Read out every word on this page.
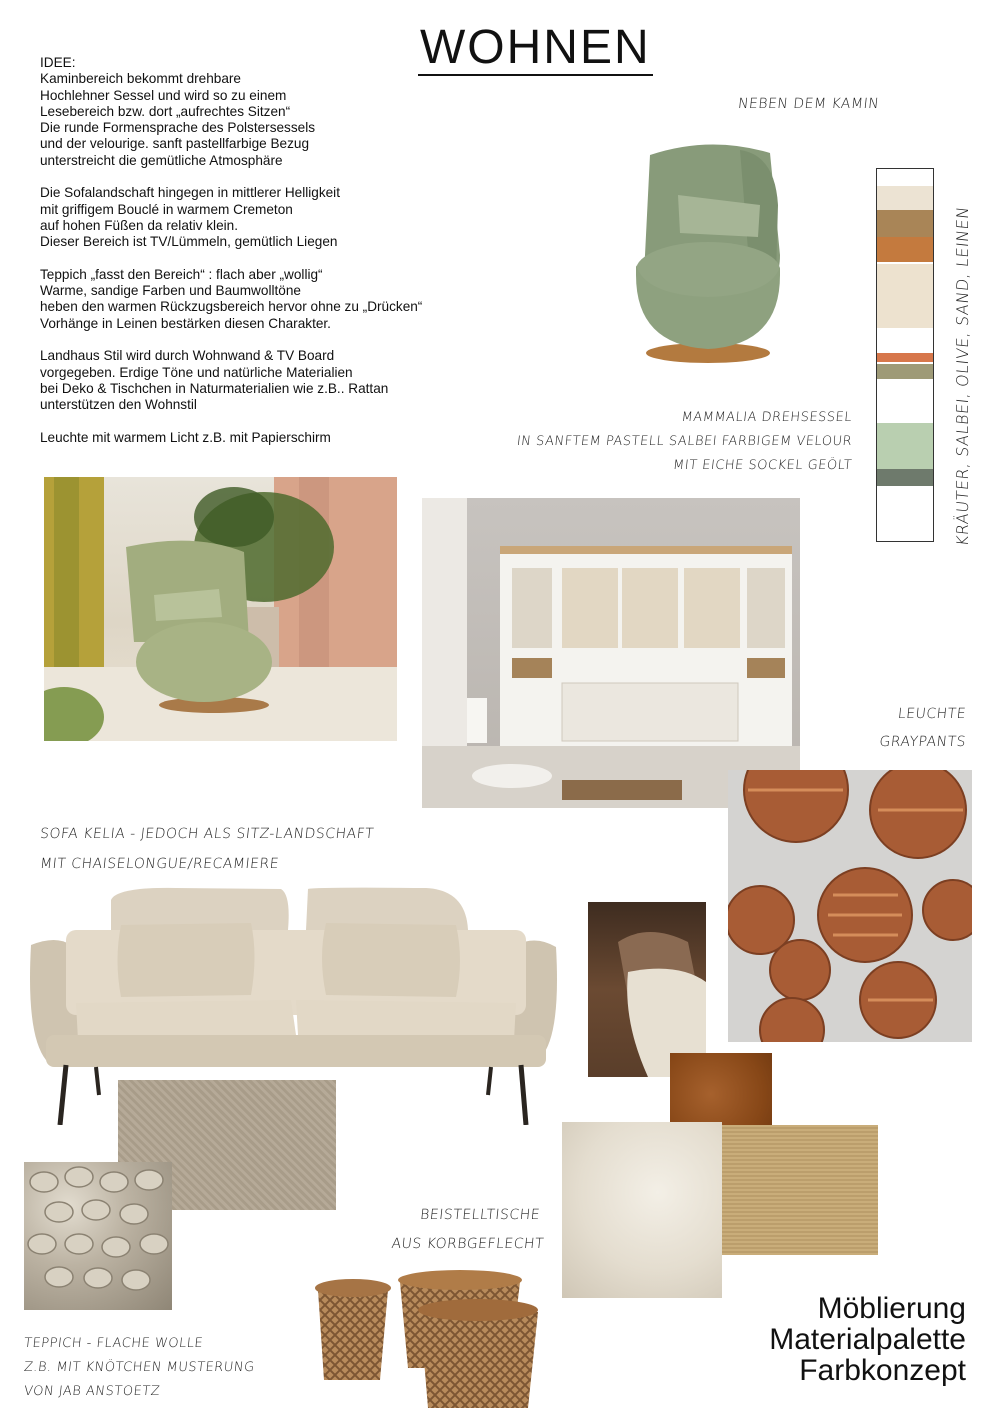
WOHNEN

IDEE:

Kaminbereich bekommt drehbare
Hochlehner Sessel und wird so zu einem
Lesebereich bzw. dort „aufrechtes Sitzen“
Die runde Formensprache des Polstersessels
und der velourige. sanft pastellfarbige Bezug
unterstreicht die gemütliche Atmosphäre

Die Sofalandschaft hingegen in mittlerer Helligkeit
mit griffigem Bouclé in warmem Cremeton
auf hohen Füßen da relativ klein.
Dieser Bereich ist TV/Lümmeln, gemütlich Liegen

Teppich „fasst den Bereich“ : flach aber „wollig“
Warme, sandige Farben und Baumwolltöne
heben den warmen Rückzugsbereich hervor ohne zu „Drücken“
Vorhänge in Leinen bestärken diesen Charakter.

Landhaus Stil wird durch Wohnwand & TV Board
vorgegeben. Erdige Töne und natürliche Materialien
bei Deko & Tischchen in Naturmaterialien wie z.B.. Rattan
unterstützen den Wohnstil

Leuchte mit warmem Licht z.B. mit Papierschirm

NEBEN DEM KAMIN
MAMMALIA DREHSESSEL
IN SANFTEM PASTELL SALBEI FARBIGEM VELOUR
MIT EICHE SOCKEL GEÖLT	KRÄUTER, SALBEI, OLIVE, SAND, LEINEN
LEUCHTE
GRAYPANTS
SOFA KELIA - JEDOCH ALS SITZ-LANDSCHAFT
MIT CHAISELONGUE/RECAMIERE
TEPPICH - FLACHE WOLLE
Z.B. MIT KNÖTCHEN MUSTERUNG
VON JAB ANSTOETZ
BEISTELLTISCHE
AUS KORBGEFLECHT
Möblierung
Materialpalette
Farbkonzept
